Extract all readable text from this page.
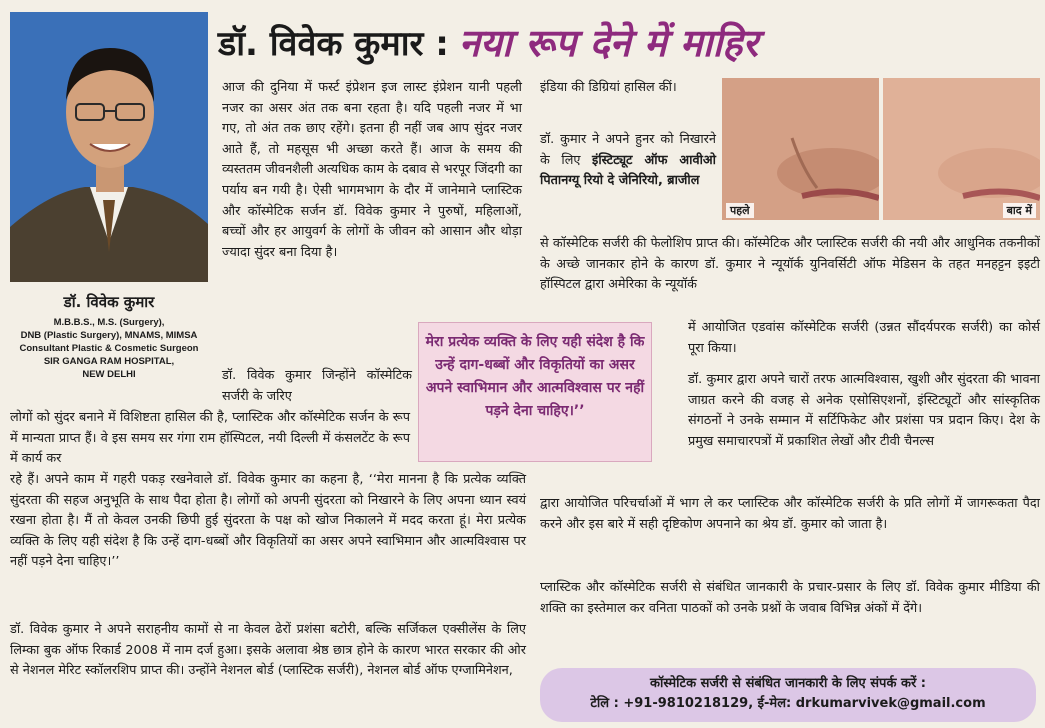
डॉ. विवेक कुमार
M.B.B.S., M.S. (Surgery),
DNB (Plastic Surgery), MNAMS, MIMSA
Consultant Plastic & Cosmetic Surgeon
SIR GANGA RAM HOSPITAL,
NEW DELHI
डॉ. विवेक कुमार : नया रूप देने में माहिर

आज की दुनिया में फर्स्ट इंप्रेशन इज लास्ट इंप्रेशन यानी पहली नजर का असर अंत तक बना रहता है। यदि पहली नजर में भा गए, तो अंत तक छाए रहेंगे। इतना ही नहीं जब आप सुंदर नजर आते हैं, तो महसूस भी अच्छा करते हैं। आज के समय की व्यस्ततम जीवनशैली अत्यधिक काम के दबाव से भरपूर जिंदगी का पर्याय बन गयी है। ऐसी भागमभाग के दौर में जानेमाने प्लास्टिक और कॉस्मेटिक सर्जन डॉ. विवेक कुमार ने पुरुषों, महिलाओं, बच्चों और हर आयुवर्ग के लोगों के जीवन को आसान और थोड़ा ज्यादा सुंदर बना दिया है।

डॉ. विवेक कुमार जिन्होंने कॉस्मेटिक सर्जरी के जरिए

लोगों को सुंदर बनाने में विशिष्टता हासिल की है, प्लास्टिक और कॉस्मेटिक सर्जन के रूप में मान्यता प्राप्त हैं। वे इस समय सर गंगा राम हॉस्पिटल, नयी दिल्ली में कंसलटेंट के रूप में कार्य कर

रहे हैं। अपने काम में गहरी पकड़ रखनेवाले डॉ. विवेक कुमार का कहना है, ‘‘मेरा मानना है कि प्रत्येक व्यक्ति सुंदरता की सहज अनुभूति के साथ पैदा होता है। लोगों को अपनी सुंदरता को निखारने के लिए अपना ध्यान स्वयं रखना होता है। मैं तो केवल उनकी छिपी हुई सुंदरता के पक्ष को खोज निकालने में मदद करता हूं। मेरा प्रत्येक व्यक्ति के लिए यही संदेश है कि उन्हें दाग-धब्बों और विकृतियों का असर अपने स्वाभिमान और आत्मविश्वास पर नहीं पड़ने देना चाहिए।’’

डॉ. विवेक कुमार ने अपने सराहनीय कामों से ना केवल ढेरों प्रशंसा बटोरी, बल्कि सर्जिकल एक्सीलेंस के लिए लिम्का बुक ऑफ रिकार्ड 2008 में नाम दर्ज हुआ। इसके अलावा श्रेष्ठ छात्र होने के कारण भारत सरकार की ओर से नेशनल मेरिट स्कॉलरशिप प्राप्त की। उन्होंने नेशनल बोर्ड (प्लास्टिक सर्जरी), नेशनल बोर्ड ऑफ एग्जामिनेशन,

इंडिया की डिग्रियां हासिल कीं।

डॉ. कुमार ने अपने हुनर को निखारने के लिए इंस्टिट्यूट ऑफ आवीओ पितानग्यू रियो दे जेनिरियो, ब्राजील

से कॉस्मेटिक सर्जरी की फेलोशिप प्राप्त की। कॉस्मेटिक और प्लास्टिक सर्जरी की नयी और आधुनिक तकनीकों के अच्छे जानकार होने के कारण डॉ. कुमार ने न्यूयॉर्क युनिवर्सिटी ऑफ मेडिसन के तहत मनहट्टन इइटी हॉस्पिटल द्वारा अमेरिका के न्यूयॉर्क

में आयोजित एडवांस कॉस्मेटिक सर्जरी (उन्नत सौंदर्यपरक सर्जरी) का कोर्स पूरा किया।

डॉ. कुमार द्वारा अपने चारों तरफ आत्मविश्वास, खुशी और सुंदरता की भावना जाग्रत करने की वजह से अनेक एसोसिएशनों, इंस्टिट्यूटों और सांस्कृतिक संगठनों ने उनके सम्मान में सर्टिफिकेट और प्रशंसा पत्र प्रदान किए। देश के प्रमुख समाचारपत्रों में प्रकाशित लेखों और टीवी चैनल्स

द्वारा आयोजित परिचर्चाओं में भाग ले कर प्लास्टिक और कॉस्मेटिक सर्जरी के प्रति लोगों में जागरूकता पैदा करने और इस बारे में सही दृष्टिकोण अपनाने का श्रेय डॉ. कुमार को जाता है।

प्लास्टिक और कॉस्मेटिक सर्जरी से संबंधित जानकारी के प्रचार-प्रसार के लिए डॉ. विवेक कुमार मीडिया की शक्ति का इस्तेमाल कर वनिता पाठकों को उनके प्रश्नों के जवाब विभिन्न अंकों में देंगे।

पहले	बाद में
मेरा प्रत्येक व्यक्ति के लिए यही संदेश है कि उन्हें दाग-धब्बों और विकृतियों का असर अपने स्वाभिमान और आत्मविश्वास पर नहीं पड़ने देना चाहिए।’’
कॉस्मेटिक सर्जरी से संबंधित जानकारी के लिए संपर्क करें :
टेलि : +91-9810218129, ई-मेल: drkumarvivek@gmail.com
